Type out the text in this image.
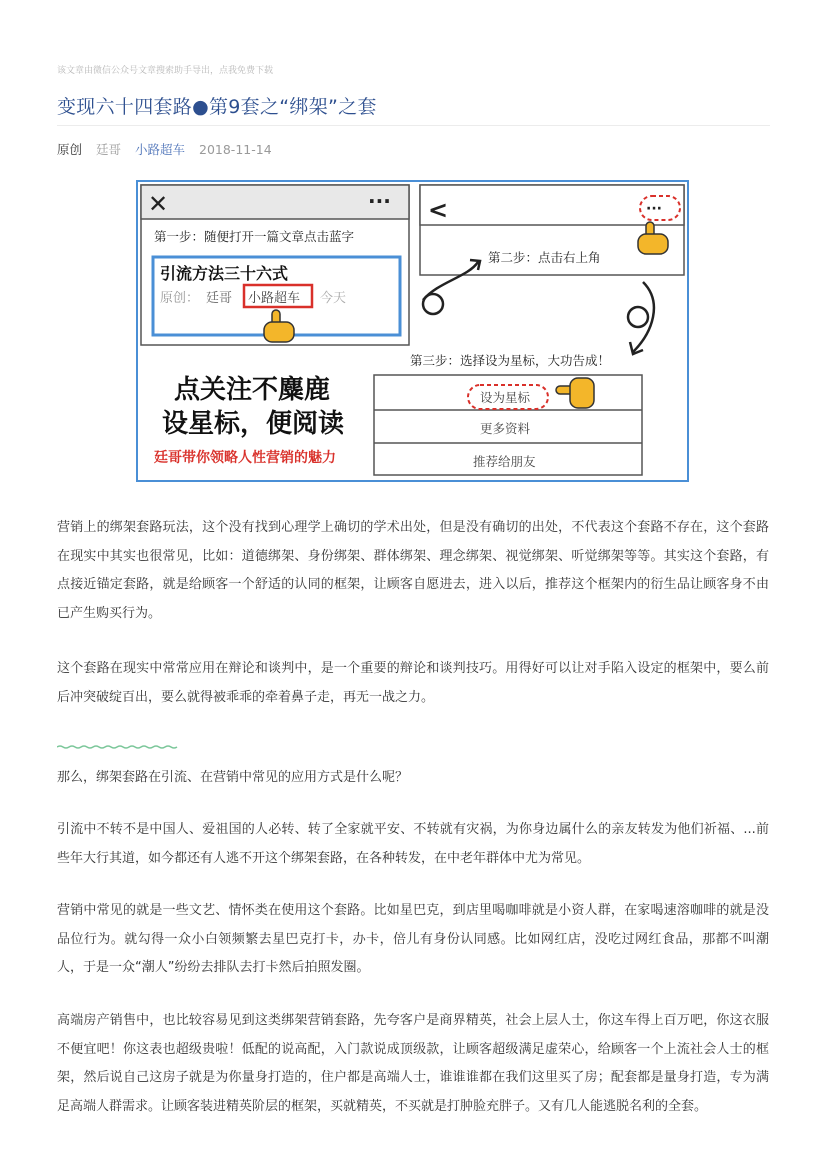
该文章由微信公众号文章搜索助手导出，点我免费下载
变现六十四套路●第9套之“绑架”之套
原创 廷哥 小路超车 2018-11-14
✕	···
第一步：随便打开一篇文章点击蓝字
引流方法三十六式
原创： 廷哥 小路超车 今天
<	···
第二步：点击右上角
第三步：选择设为星标，大功告成！
设为星标
更多资料
推荐给朋友
点关注不麋鹿
设星标，便阅读
廷哥带你领略人性营销的魅力

营销上的绑架套路玩法，这个没有找到心理学上确切的学术出处，但是没有确切的出处，不代表这个套路不存在，这个套路在现实中其实也很常见，比如：道德绑架、身份绑架、群体绑架、理念绑架、视觉绑架、听觉绑架等等。其实这个套路，有点接近锚定套路，就是给顾客一个舒适的认同的框架，让顾客自愿进去，进入以后，推荐这个框架内的衍生品让顾客身不由已产生购买行为。

这个套路在现实中常常应用在辩论和谈判中，是一个重要的辩论和谈判技巧。用得好可以让对手陷入设定的框架中，要么前后冲突破绽百出，要么就得被乖乖的牵着鼻子走，再无一战之力。

那么，绑架套路在引流、在营销中常见的应用方式是什么呢？

引流中不转不是中国人、爱祖国的人必转、转了全家就平安、不转就有灾祸，为你身边属什么的亲友转发为他们祈福、...前些年大行其道，如今都还有人逃不开这个绑架套路，在各种转发，在中老年群体中尤为常见。

营销中常见的就是一些文艺、情怀类在使用这个套路。比如星巴克，到店里喝咖啡就是小资人群，在家喝速溶咖啡的就是没品位行为。就勾得一众小白领频繁去星巴克打卡，办卡，倍儿有身份认同感。比如网红店，没吃过网红食品，那都不叫潮人，于是一众“潮人”纷纷去排队去打卡然后拍照发圈。

高端房产销售中，也比较容易见到这类绑架营销套路，先夸客户是商界精英，社会上层人士，你这车得上百万吧，你这衣服不便宜吧！你这表也超级贵啦！低配的说高配，入门款说成顶级款，让顾客超级满足虚荣心，给顾客一个上流社会人士的框架，然后说自己这房子就是为你量身打造的，住户都是高端人士，谁谁谁都在我们这里买了房；配套都是量身打造，专为满足高端人群需求。让顾客装进精英阶层的框架，买就精英，不买就是打肿脸充胖子。又有几人能逃脱名利的全套。
